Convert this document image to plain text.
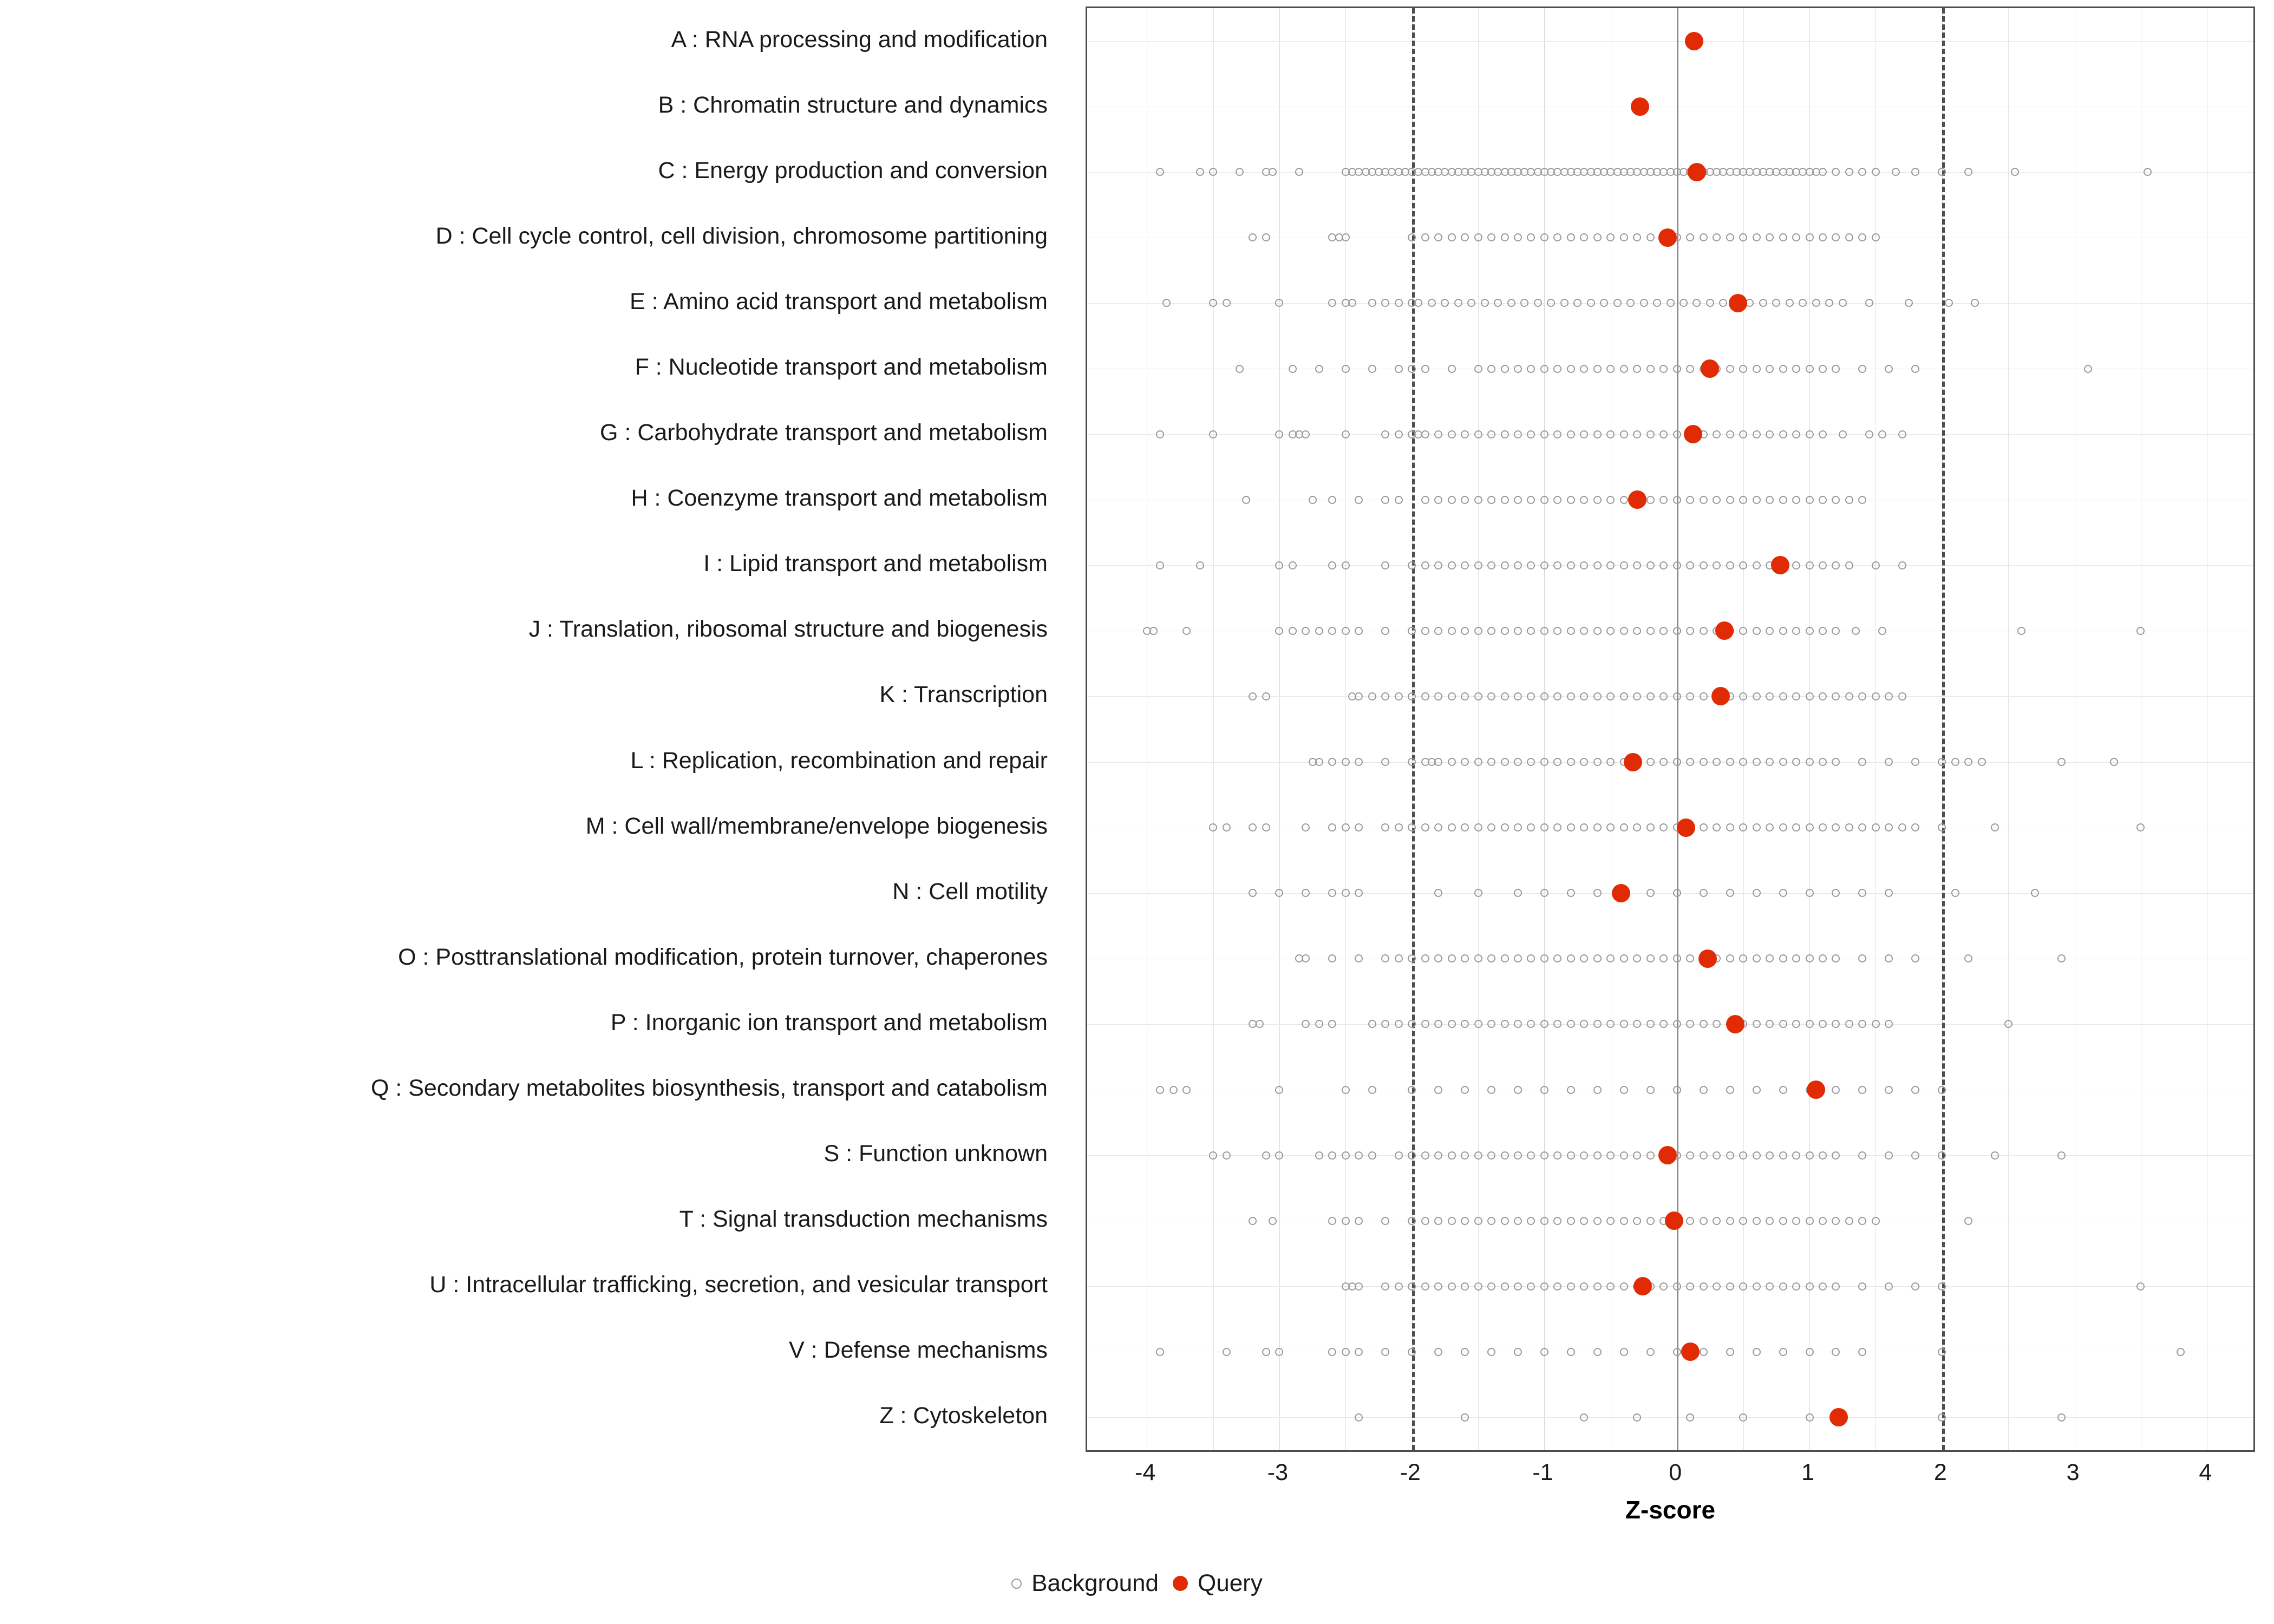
A : RNA processing and modification
B : Chromatin structure and dynamics
C : Energy production and conversion
D : Cell cycle control, cell division, chromosome partitioning
E : Amino acid transport and metabolism
F : Nucleotide transport and metabolism
G : Carbohydrate transport and metabolism
H : Coenzyme transport and metabolism
I : Lipid transport and metabolism
J : Translation, ribosomal structure and biogenesis
K : Transcription
L : Replication, recombination and repair
M : Cell wall/membrane/envelope biogenesis
N : Cell motility
O : Posttranslational modification, protein turnover, chaperones
P : Inorganic ion transport and metabolism
Q : Secondary metabolites biosynthesis, transport and catabolism
S : Function unknown
T : Signal transduction mechanisms
U : Intracellular trafficking, secretion, and vesicular transport
V : Defense mechanisms
Z : Cytoskeleton
-4	-3	-2	-1	0	1	2	3	4
Z-score
Background Query
